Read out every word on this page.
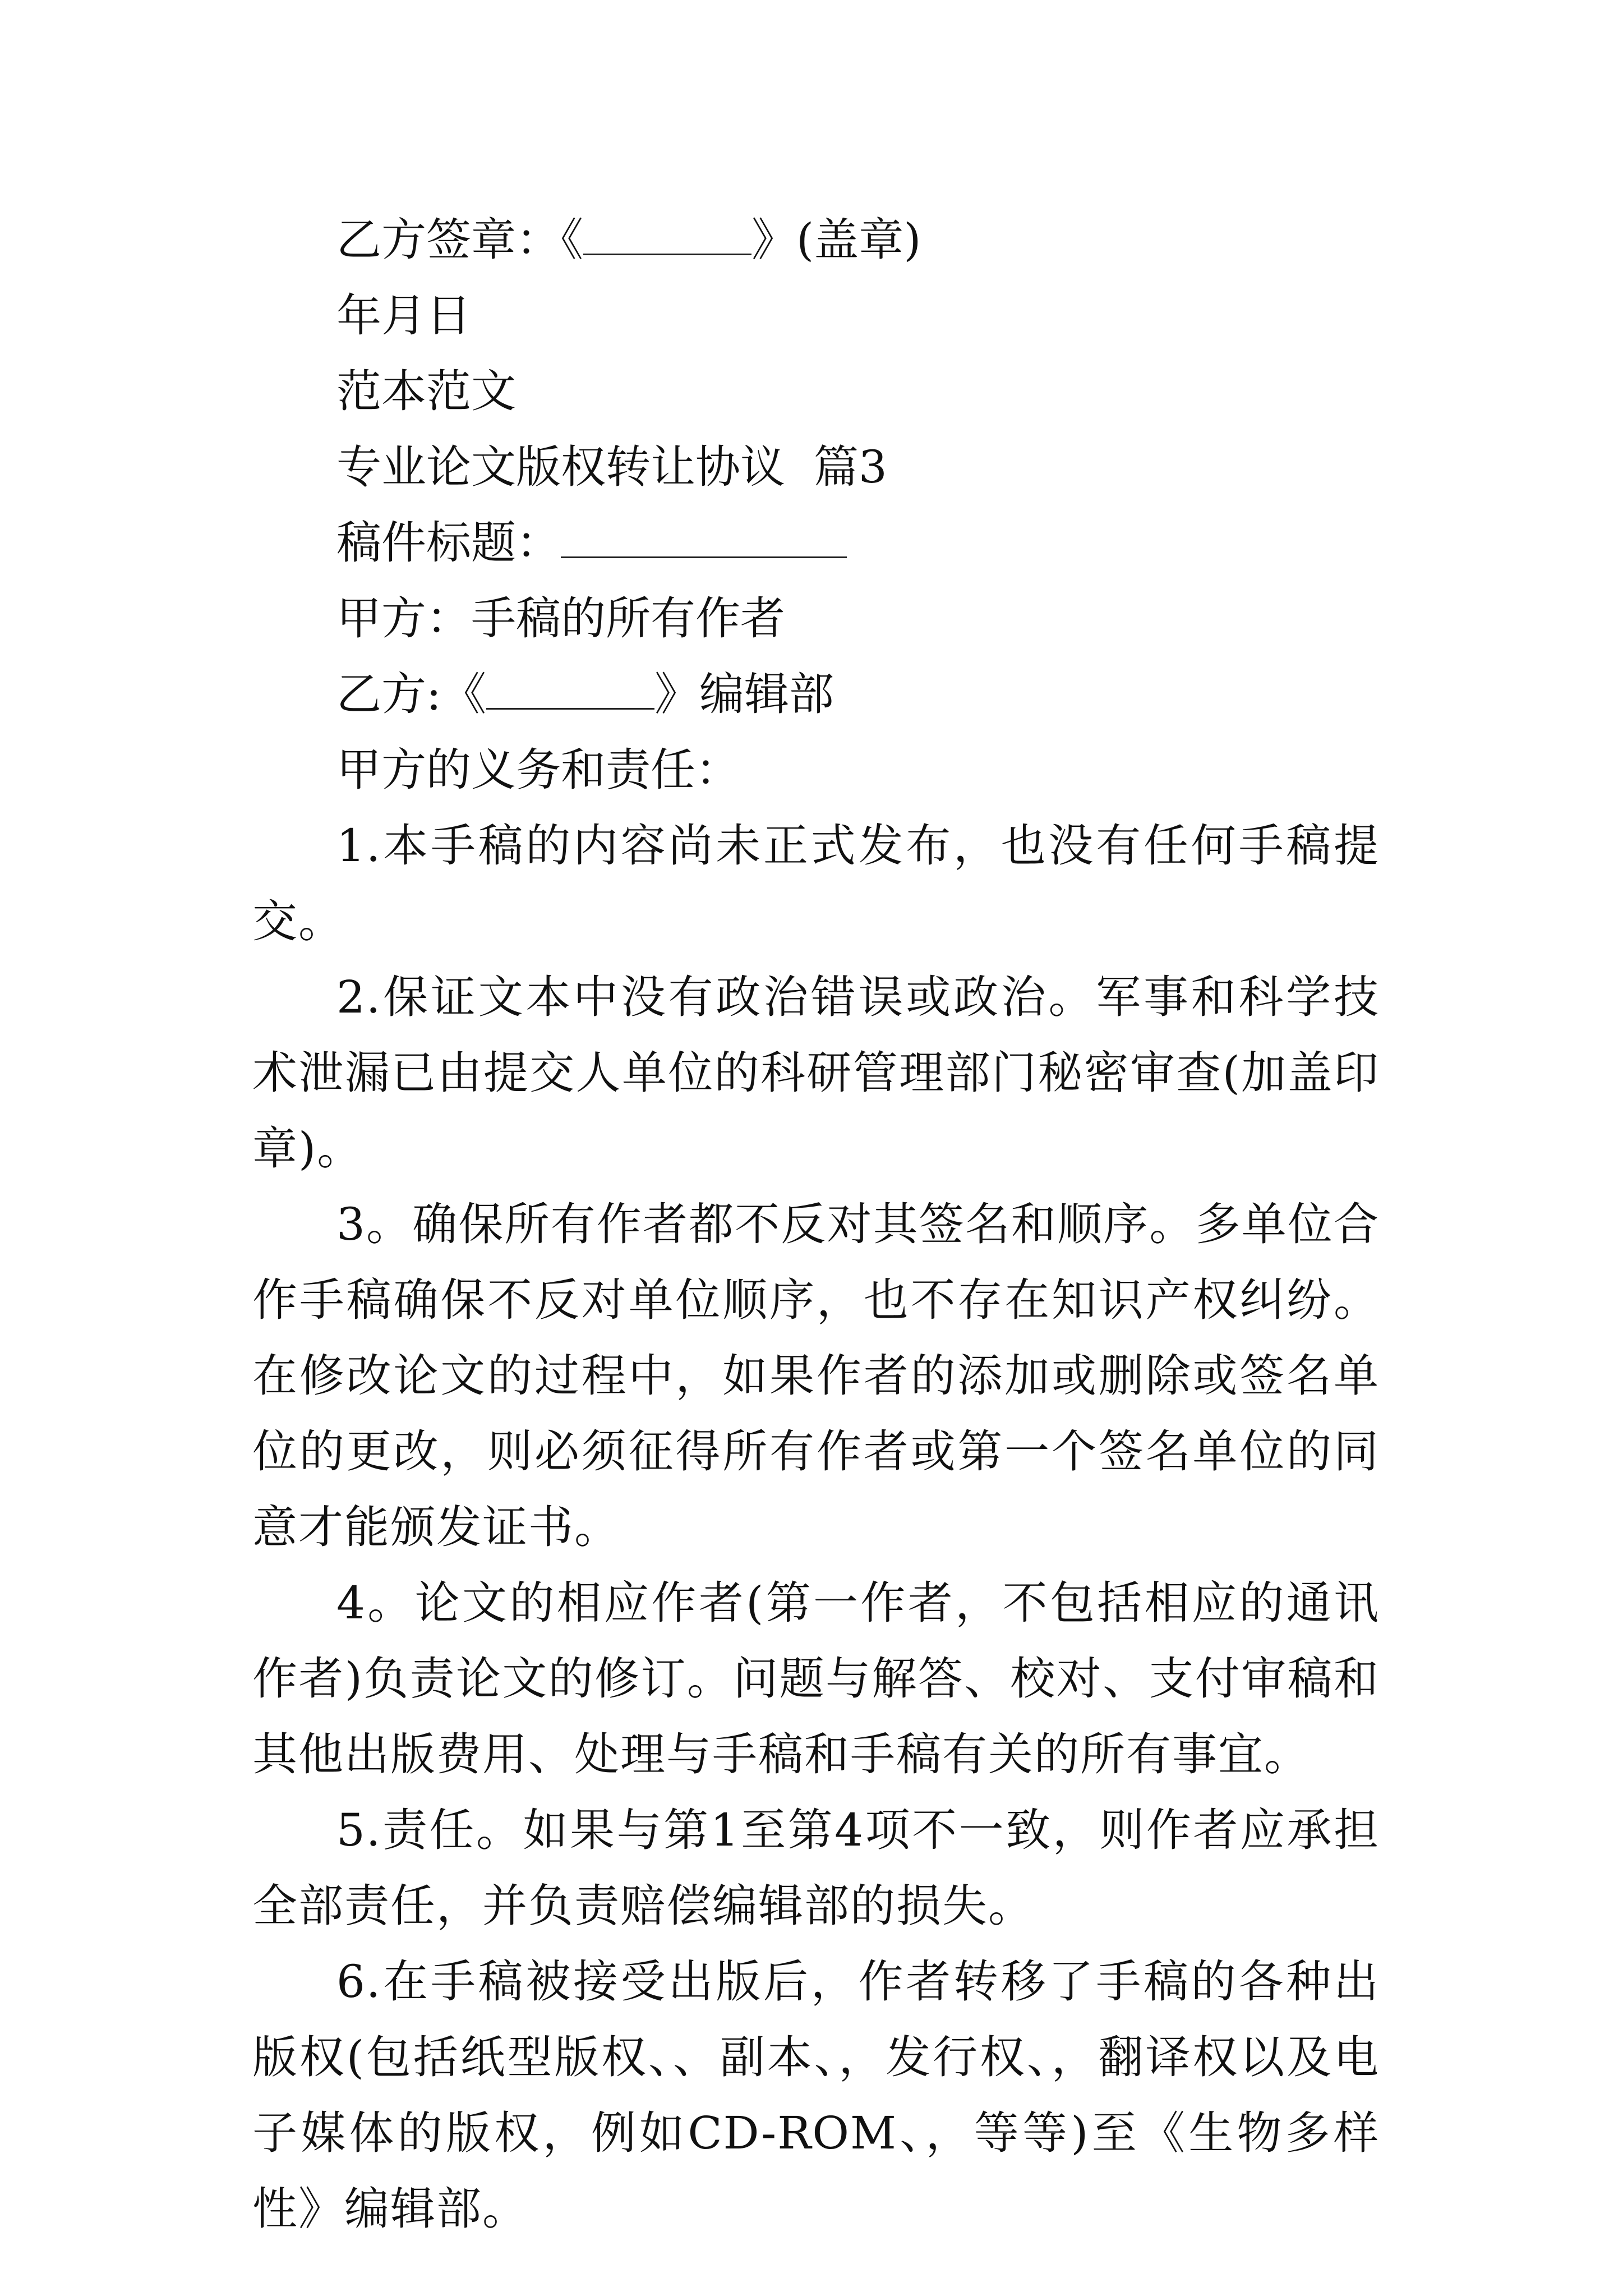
乙方签章：《	》(盖章)

年月日

范本范文

专业论文版权转让协议  篇3

稿件标题：

甲方：手稿的所有作者

乙方:《	》编辑部

甲方的义务和责任：

1.本手稿的内容尚未正式发布，也没有任何手稿提交。

2.保证文本中没有政治错误或政治。军事和科学技术泄漏已由提交人单位的科研管理部门秘密审查(加盖印章)。

3。确保所有作者都不反对其签名和顺序。多单位合作手稿确保不反对单位顺序，也不存在知识产权纠纷。在修改论文的过程中，如果作者的添加或删除或签名单位的更改，则必须征得所有作者或第一个签名单位的同意才能颁发证书。

4。论文的相应作者(第一作者，不包括相应的通讯作者)负责论文的修订。问题与解答、校对、支付审稿和其他出版费用、处理与手稿和手稿有关的所有事宜。

5.责任。如果与第1至第4项不一致，则作者应承担全部责任，并负责赔偿编辑部的损失。

6.在手稿被接受出版后，作者转移了手稿的各种出版权(包括纸型版权、、副本、，发行权、，翻译权以及电子媒体的版权，例如CD-ROM、，等等)至《生物多样性》编辑部。
